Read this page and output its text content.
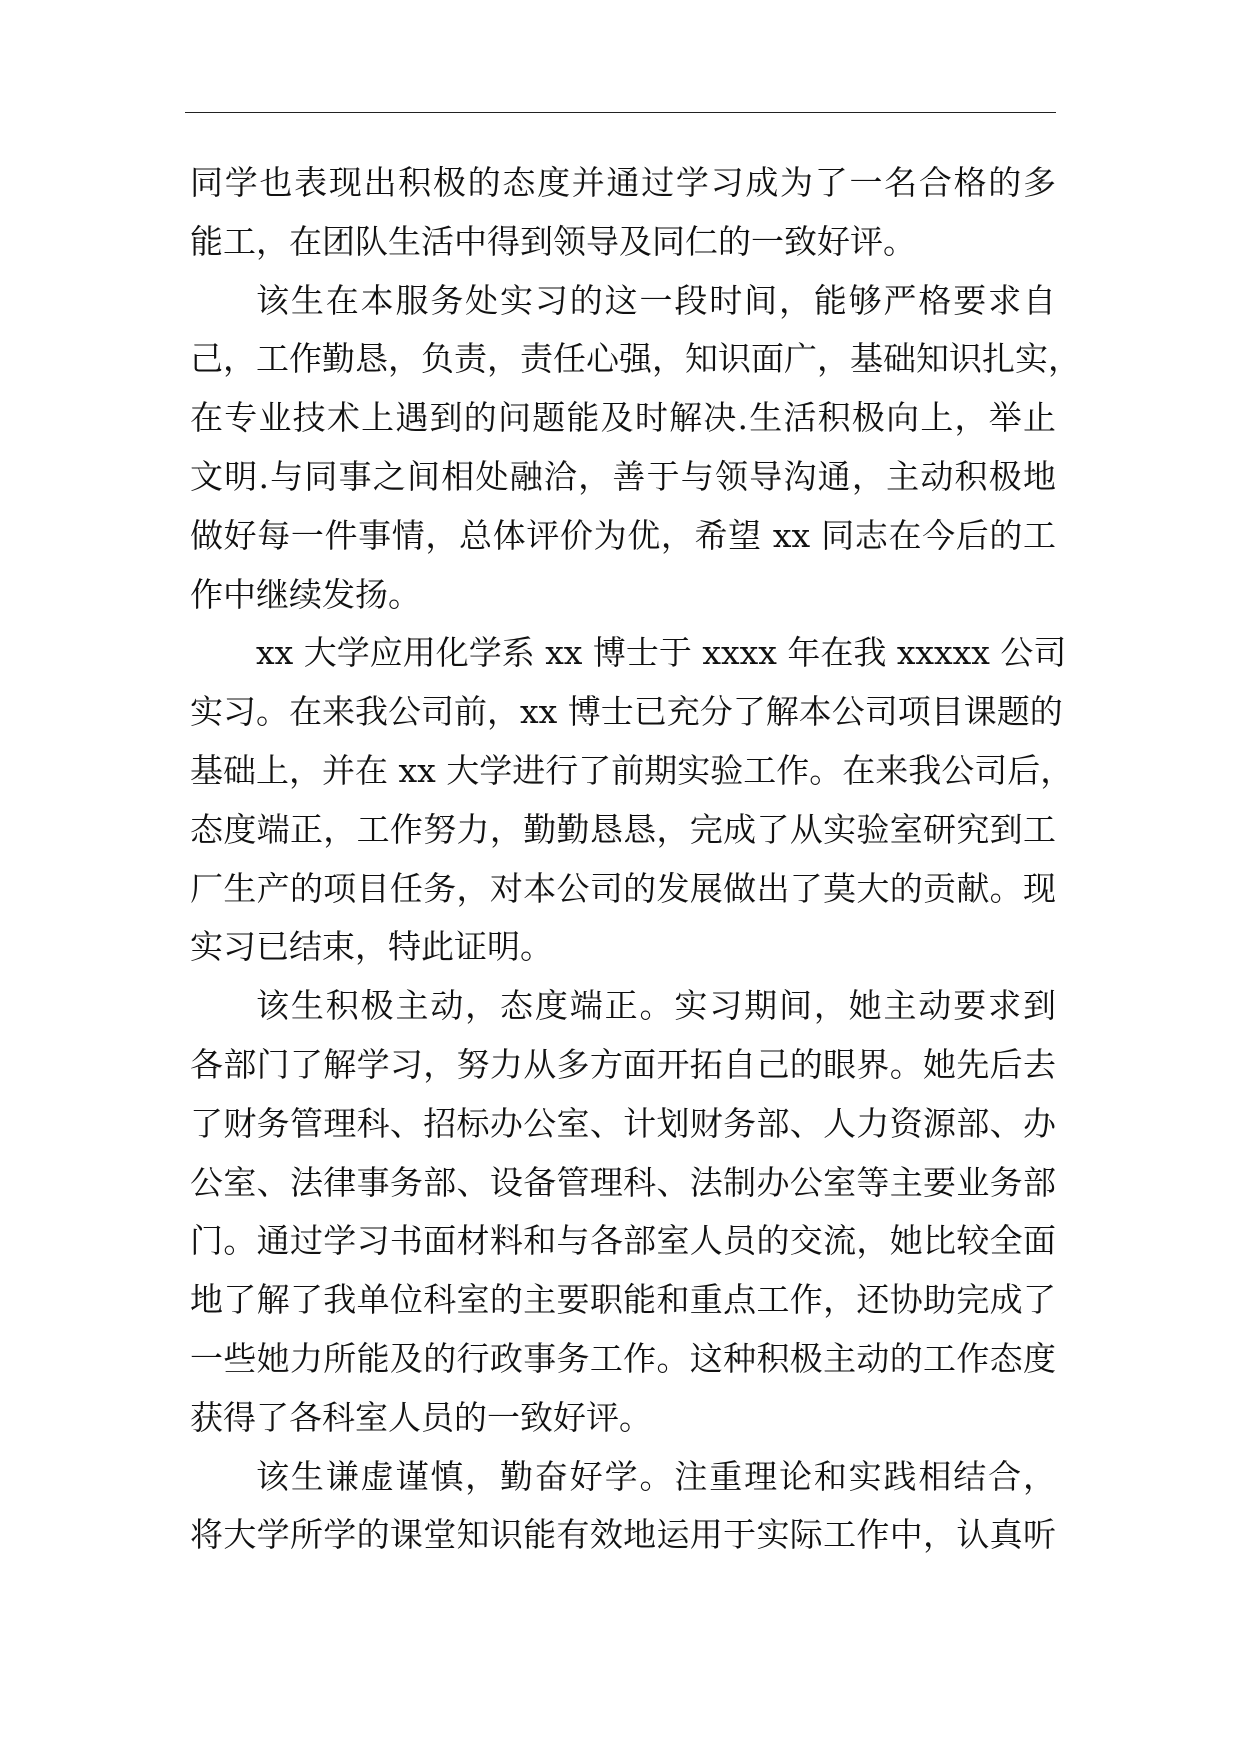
同学也表现出积极的态度并通过学习成为了一名合格的多
能工，在团队生活中得到领导及同仁的一致好评。
该生在本服务处实习的这一段时间，能够严格要求自
己，工作勤恳，负责，责任心强，知识面广，基础知识扎实，
在专业技术上遇到的问题能及时解决.生活积极向上，举止
文明.与同事之间相处融洽，善于与领导沟通，主动积极地
做好每一件事情，总体评价为优，希望 xx 同志在今后的工
作中继续发扬。
xx 大学应用化学系 xx 博士于 xxxx 年在我 xxxxx 公司
实习。在来我公司前，xx 博士已充分了解本公司项目课题的
基础上，并在 xx 大学进行了前期实验工作。在来我公司后，
态度端正，工作努力，勤勤恳恳，完成了从实验室研究到工
厂生产的项目任务，对本公司的发展做出了莫大的贡献。现
实习已结束，特此证明。
该生积极主动，态度端正。实习期间，她主动要求到
各部门了解学习，努力从多方面开拓自己的眼界。她先后去
了财务管理科、招标办公室、计划财务部、人力资源部、办
公室、法律事务部、设备管理科、法制办公室等主要业务部
门。通过学习书面材料和与各部室人员的交流，她比较全面
地了解了我单位科室的主要职能和重点工作，还协助完成了
一些她力所能及的行政事务工作。这种积极主动的工作态度
获得了各科室人员的一致好评。
该生谦虚谨慎，勤奋好学。注重理论和实践相结合，
将大学所学的课堂知识能有效地运用于实际工作中，认真听
